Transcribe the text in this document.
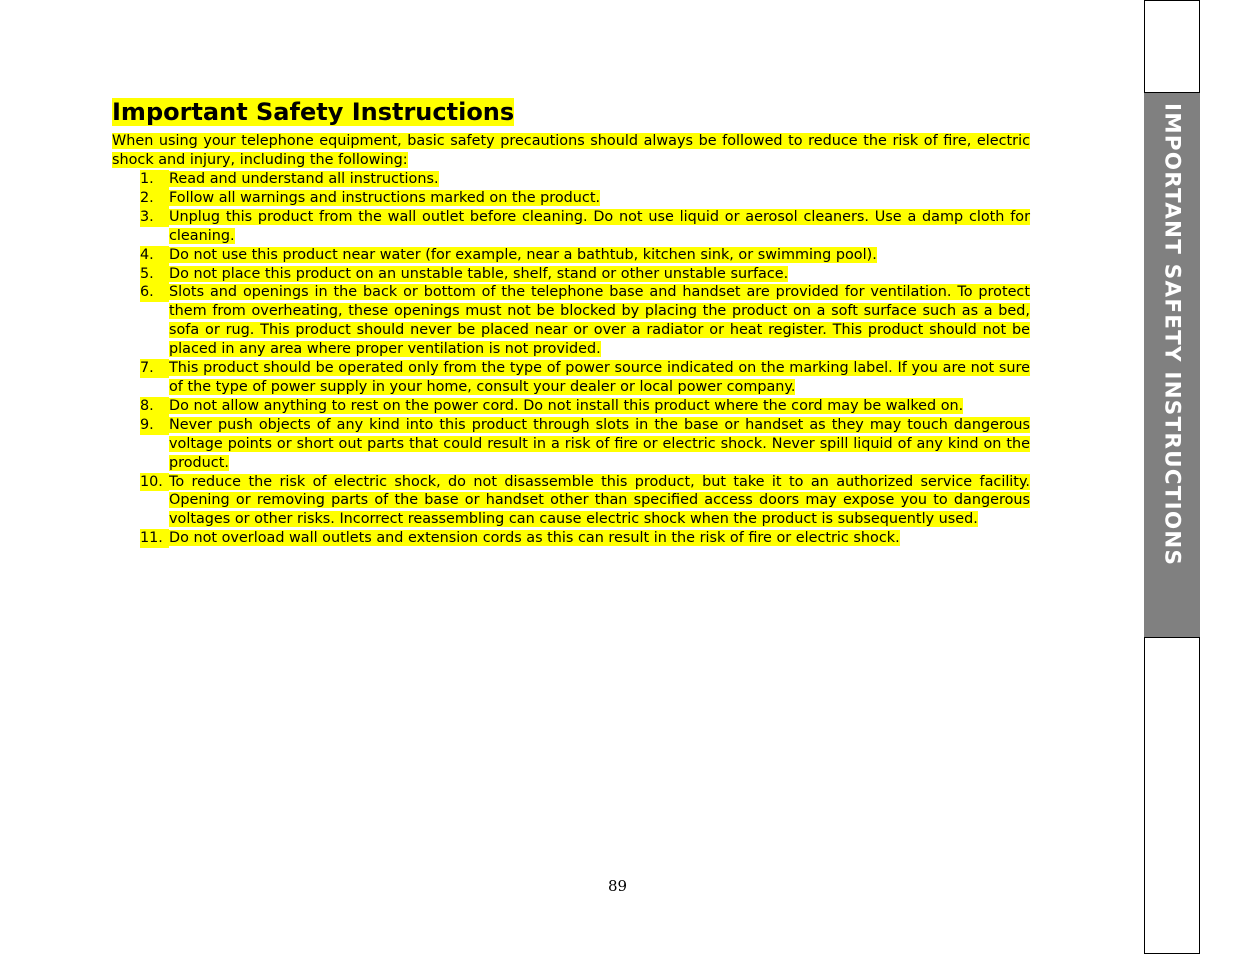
IMPORTANT SAFETY INSTRUCTIONS
Important Safety Instructions

When using your telephone equipment, basic safety precautions should always be followed to reduce the risk of fire, electric shock and injury, including the following:

1.	Read and understand all instructions.
2.	Follow all warnings and instructions marked on the product.
3.	Unplug this product from the wall outlet before cleaning. Do not use liquid or aerosol cleaners. Use a damp cloth for cleaning.
4.	Do not use this product near water (for example, near a bathtub, kitchen sink, or swimming pool).
5.	Do not place this product on an unstable table, shelf, stand or other unstable surface.
6.	Slots and openings in the back or bottom of the telephone base and handset are provided for ventilation. To protect them from overheating, these openings must not be blocked by placing the product on a soft surface such as a bed, sofa or rug. This product should never be placed near or over a radiator or heat register. This product should not be placed in any area where proper ventilation is not provided.
7.	This product should be operated only from the type of power source indicated on the marking label. If you are not sure of the type of power supply in your home, consult your dealer or local power company.
8.	Do not allow anything to rest on the power cord. Do not install this product where the cord may be walked on.
9.	Never push objects of any kind into this product through slots in the base or handset as they may touch dangerous voltage points or short out parts that could result in a risk of fire or electric shock. Never spill liquid of any kind on the product.
10. To reduce the risk of electric shock, do not disassemble this product, but take it to an authorized service facility. Opening or removing parts of the base or handset other than specified access doors may expose you to dangerous voltages or other risks. Incorrect reassembling can cause electric shock when the product is subsequently used.
11. Do not overload wall outlets and extension cords as this can result in the risk of fire or electric shock.
89
